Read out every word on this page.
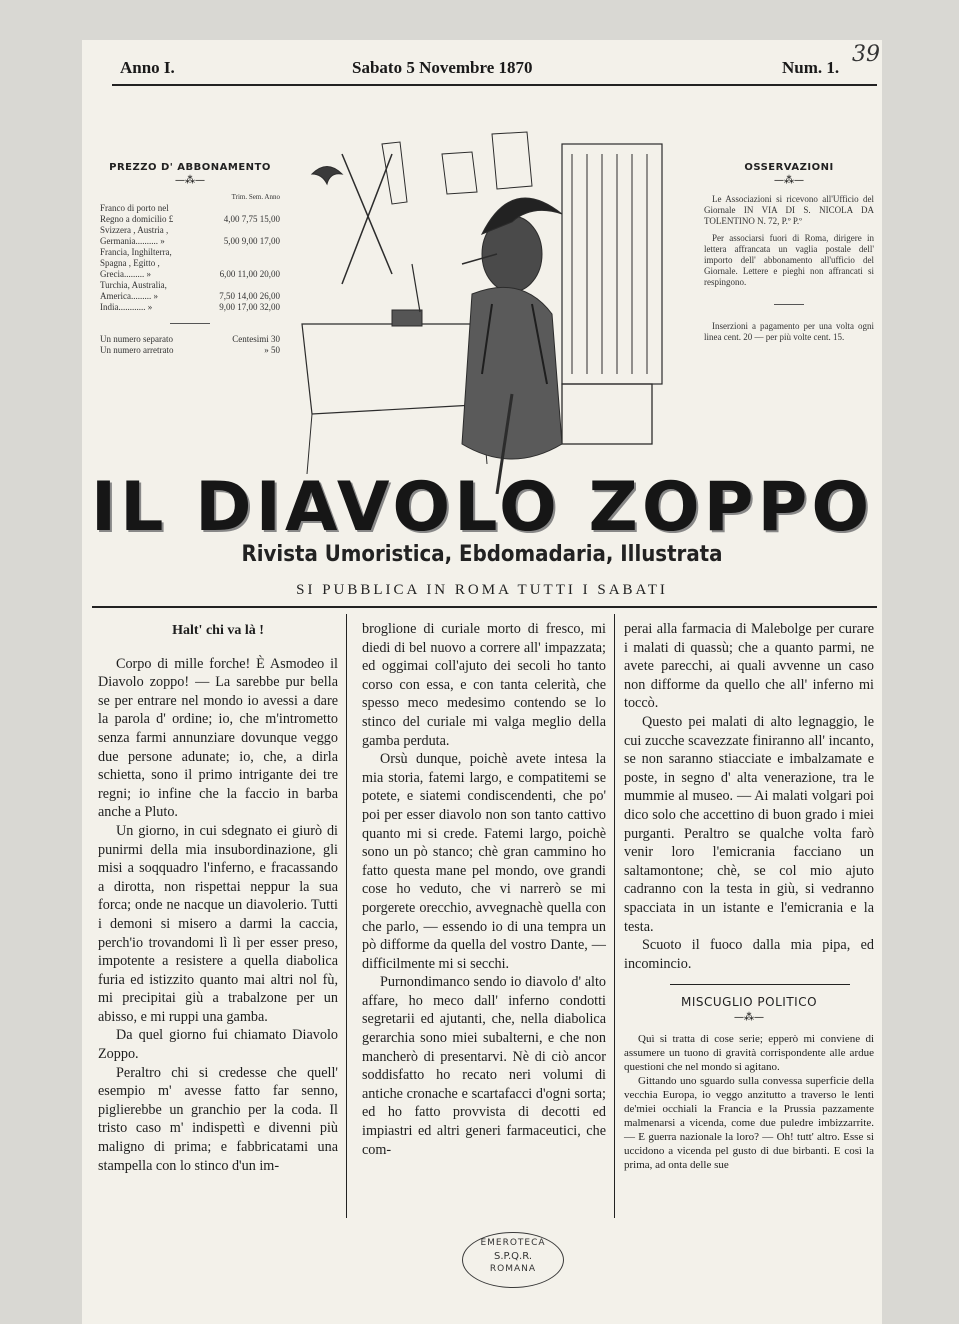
Anno I.	Sabato 5 Novembre 1870	Num. 1.
39
PREZZO D' ABBONAMENTO
—⁂—
Trim. Sem. Anno
Franco di porto nel
Regno a domicilio £	4,00 7,75 15,00
Svizzera , Austria ,
Germania.......... »	5,00 9,00 17,00
Francia, Inghilterra,
Spagna , Egitto ,
Grecia......... »	6,00 11,00 20,00
Turchia, Australia,
America......... »	7,50 14,00 26,00
India............ »	9,00 17,00 32,00
Un numero separato	Centesimi 30
Un numero arretrato	» 50
OSSERVAZIONI
—⁂—
Le Associazioni si ricevono all'Ufficio del Giornale IN VIA DI S. NICOLA DA TOLENTINO N. 72, P.º P.º
Per associarsi fuori di Roma, dirigere in lettera affrancata un vaglia postale dell' importo dell' abbonamento all'ufficio del Giornale. Lettere e pieghi non affrancati si respingono.
Inserzioni a pagamento per una volta ogni linea cent. 20 — per più volte cent. 15.
IL DIAVOLO ZOPPO
Rivista Umoristica, Ebdomadaria, Illustrata
SI PUBBLICA IN ROMA TUTTI I SABATI
Halt' chi va là !

Corpo di mille forche! È Asmodeo il Diavolo zoppo! — La sarebbe pur bella se per entrare nel mondo io avessi a dare la parola d' ordine; io, che m'intrometto senza farmi annunziare dovunque veggo due persone adunate; io, che, a dirla schietta, sono il primo intrigante dei tre regni; io infine che la faccio in barba anche a Pluto.

Un giorno, in cui sdegnato ei giurò di punirmi della mia insubordinazione, gli misi a soqquadro l'inferno, e fracassando a dirotta, non rispettai neppur la sua forca; onde ne nacque un diavolerio. Tutti i demoni si misero a darmi la caccia, perch'io trovandomi lì lì per esser preso, impotente a resistere a quella diabolica furia ed istizzito quanto mai altri nol fù, mi precipitai giù a trabalzone per un abisso, e mi ruppi una gamba.

Da quel giorno fui chiamato Diavolo Zoppo.

Peraltro chi si credesse che quell' esempio m' avesse fatto far senno, piglierebbe un granchio per la coda. Il tristo caso m' indispettì e divenni più maligno di prima; e fabbricatami una stampella con lo stinco d'un im-

broglione di curiale morto di fresco, mi diedi di bel nuovo a correre all' impazzata; ed oggimai coll'ajuto dei secoli ho tanto corso con essa, e con tanta celerità, che spesso meco medesimo contendo se lo stinco del curiale mi valga meglio della gamba perduta.

Orsù dunque, poichè avete intesa la mia storia, fatemi largo, e compatitemi se potete, e siatemi condiscendenti, che po' poi per esser diavolo non son tanto cattivo quanto mi si crede. Fatemi largo, poichè sono un pò stanco; chè gran cammino ho fatto questa mane pel mondo, ove grandi cose ho veduto, che vi narrerò se mi porgerete orecchio, avvegnachè quella con che parlo, — essendo io di una tempra un pò difforme da quella del vostro Dante, — difficilmente mi si secchi.

Purnondimanco sendo io diavolo d' alto affare, ho meco dall' inferno condotti segretarii ed ajutanti, che, nella diabolica gerarchia sono miei subalterni, e che non mancherò di presentarvi. Nè di ciò ancor soddisfatto ho recato neri volumi di antiche cronache e scartafacci d'ogni sorta; ed ho fatto provvista di decotti ed impiastri ed altri generi farmaceutici, che com-

perai alla farmacia di Malebolge per curare i malati di quassù; che a quanto parmi, ne avete parecchi, ai quali avvenne un caso non difforme da quello che all' inferno mi toccò.

Questo pei malati di alto legnaggio, le cui zucche scavezzate finiranno all' incanto, se non saranno stiacciate e imbalzamate e poste, in segno d' alta venerazione, tra le mummie al museo. — Ai malati volgari poi dico solo che accettino di buon grado i miei purganti. Peraltro se qualche volta farò venir loro l'emicrania facciano un saltamontone; chè, se col mio ajuto cadranno con la testa in giù, si vedranno spacciata in un istante e l'emicrania e la testa.

Scuoto il fuoco dalla mia pipa, ed incomincio.

MISCUGLIO POLITICO
—⁂—

Quì si tratta di cose serie; epperò mi conviene di assumere un tuono di gravità corrispondente alle ardue questioni che nel mondo si agitano.

Gittando uno sguardo sulla convessa superficie della vecchia Europa, io veggo anzitutto a traverso le lenti de'miei occhiali la Francia e la Prussia pazzamente malmenarsi a vicenda, come due puledre imbizzarrite. — E guerra nazionale la loro? — Oh! tutt' altro. Esse si uccidono a vicenda pel gusto di due birbanti. E così la prima, ad onta delle sue

EMEROTECA
S.P.Q.R.
ROMANA
